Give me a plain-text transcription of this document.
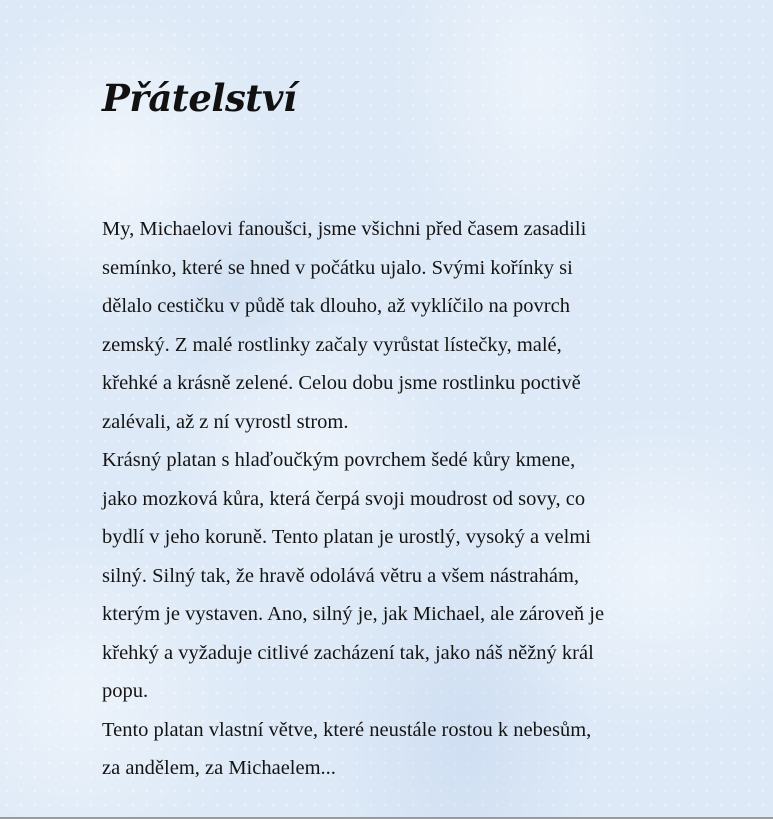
Přátelství
My, Michaelovi fanoušci, jsme všichni před časem zasadili
semínko, které se hned v počátku ujalo. Svými kořínky si
dělalo cestičku v půdě tak dlouho, až vyklíčilo na povrch
zemský. Z malé rostlinky začaly vyrůstat lístečky, malé,
křehké a krásně zelené. Celou dobu jsme rostlinku poctivě
zalévali, až z ní vyrostl strom.
Krásný platan s hlaďoučkým povrchem šedé kůry kmene,
jako mozková kůra, která čerpá svoji moudrost od sovy, co
bydlí v jeho koruně. Tento platan je urostlý, vysoký a velmi
silný. Silný tak, že hravě odolává větru a všem nástrahám,
kterým je vystaven. Ano, silný je, jak Michael, ale zároveň je
křehký a vyžaduje citlivé zacházení tak, jako náš něžný král
popu.
Tento platan vlastní větve, které neustále rostou k nebesům,
za andělem, za Michaelem...
